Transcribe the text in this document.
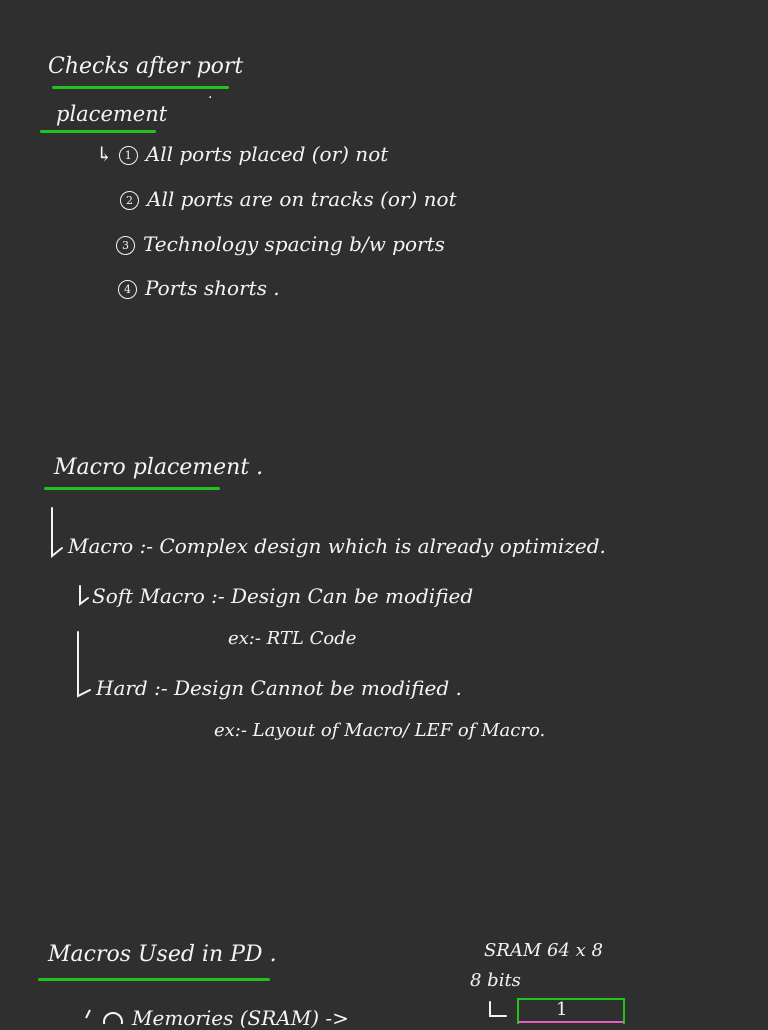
Checks after port
.
placement
↳ 1 All ports placed (or) not
2 All ports are on tracks (or) not
3 Technology spacing b/w ports
4 Ports shorts .
Macro placement .
Macro :- Complex design which is already optimized.
Soft Macro :- Design Can be modified
ex:- RTL Code
Hard :- Design Cannot be modified .
ex:- Layout of Macro/ LEF of Macro.
Macros Used in PD .	SRAM 64 x 8
8 bits
1
Memories (SRAM) ->
